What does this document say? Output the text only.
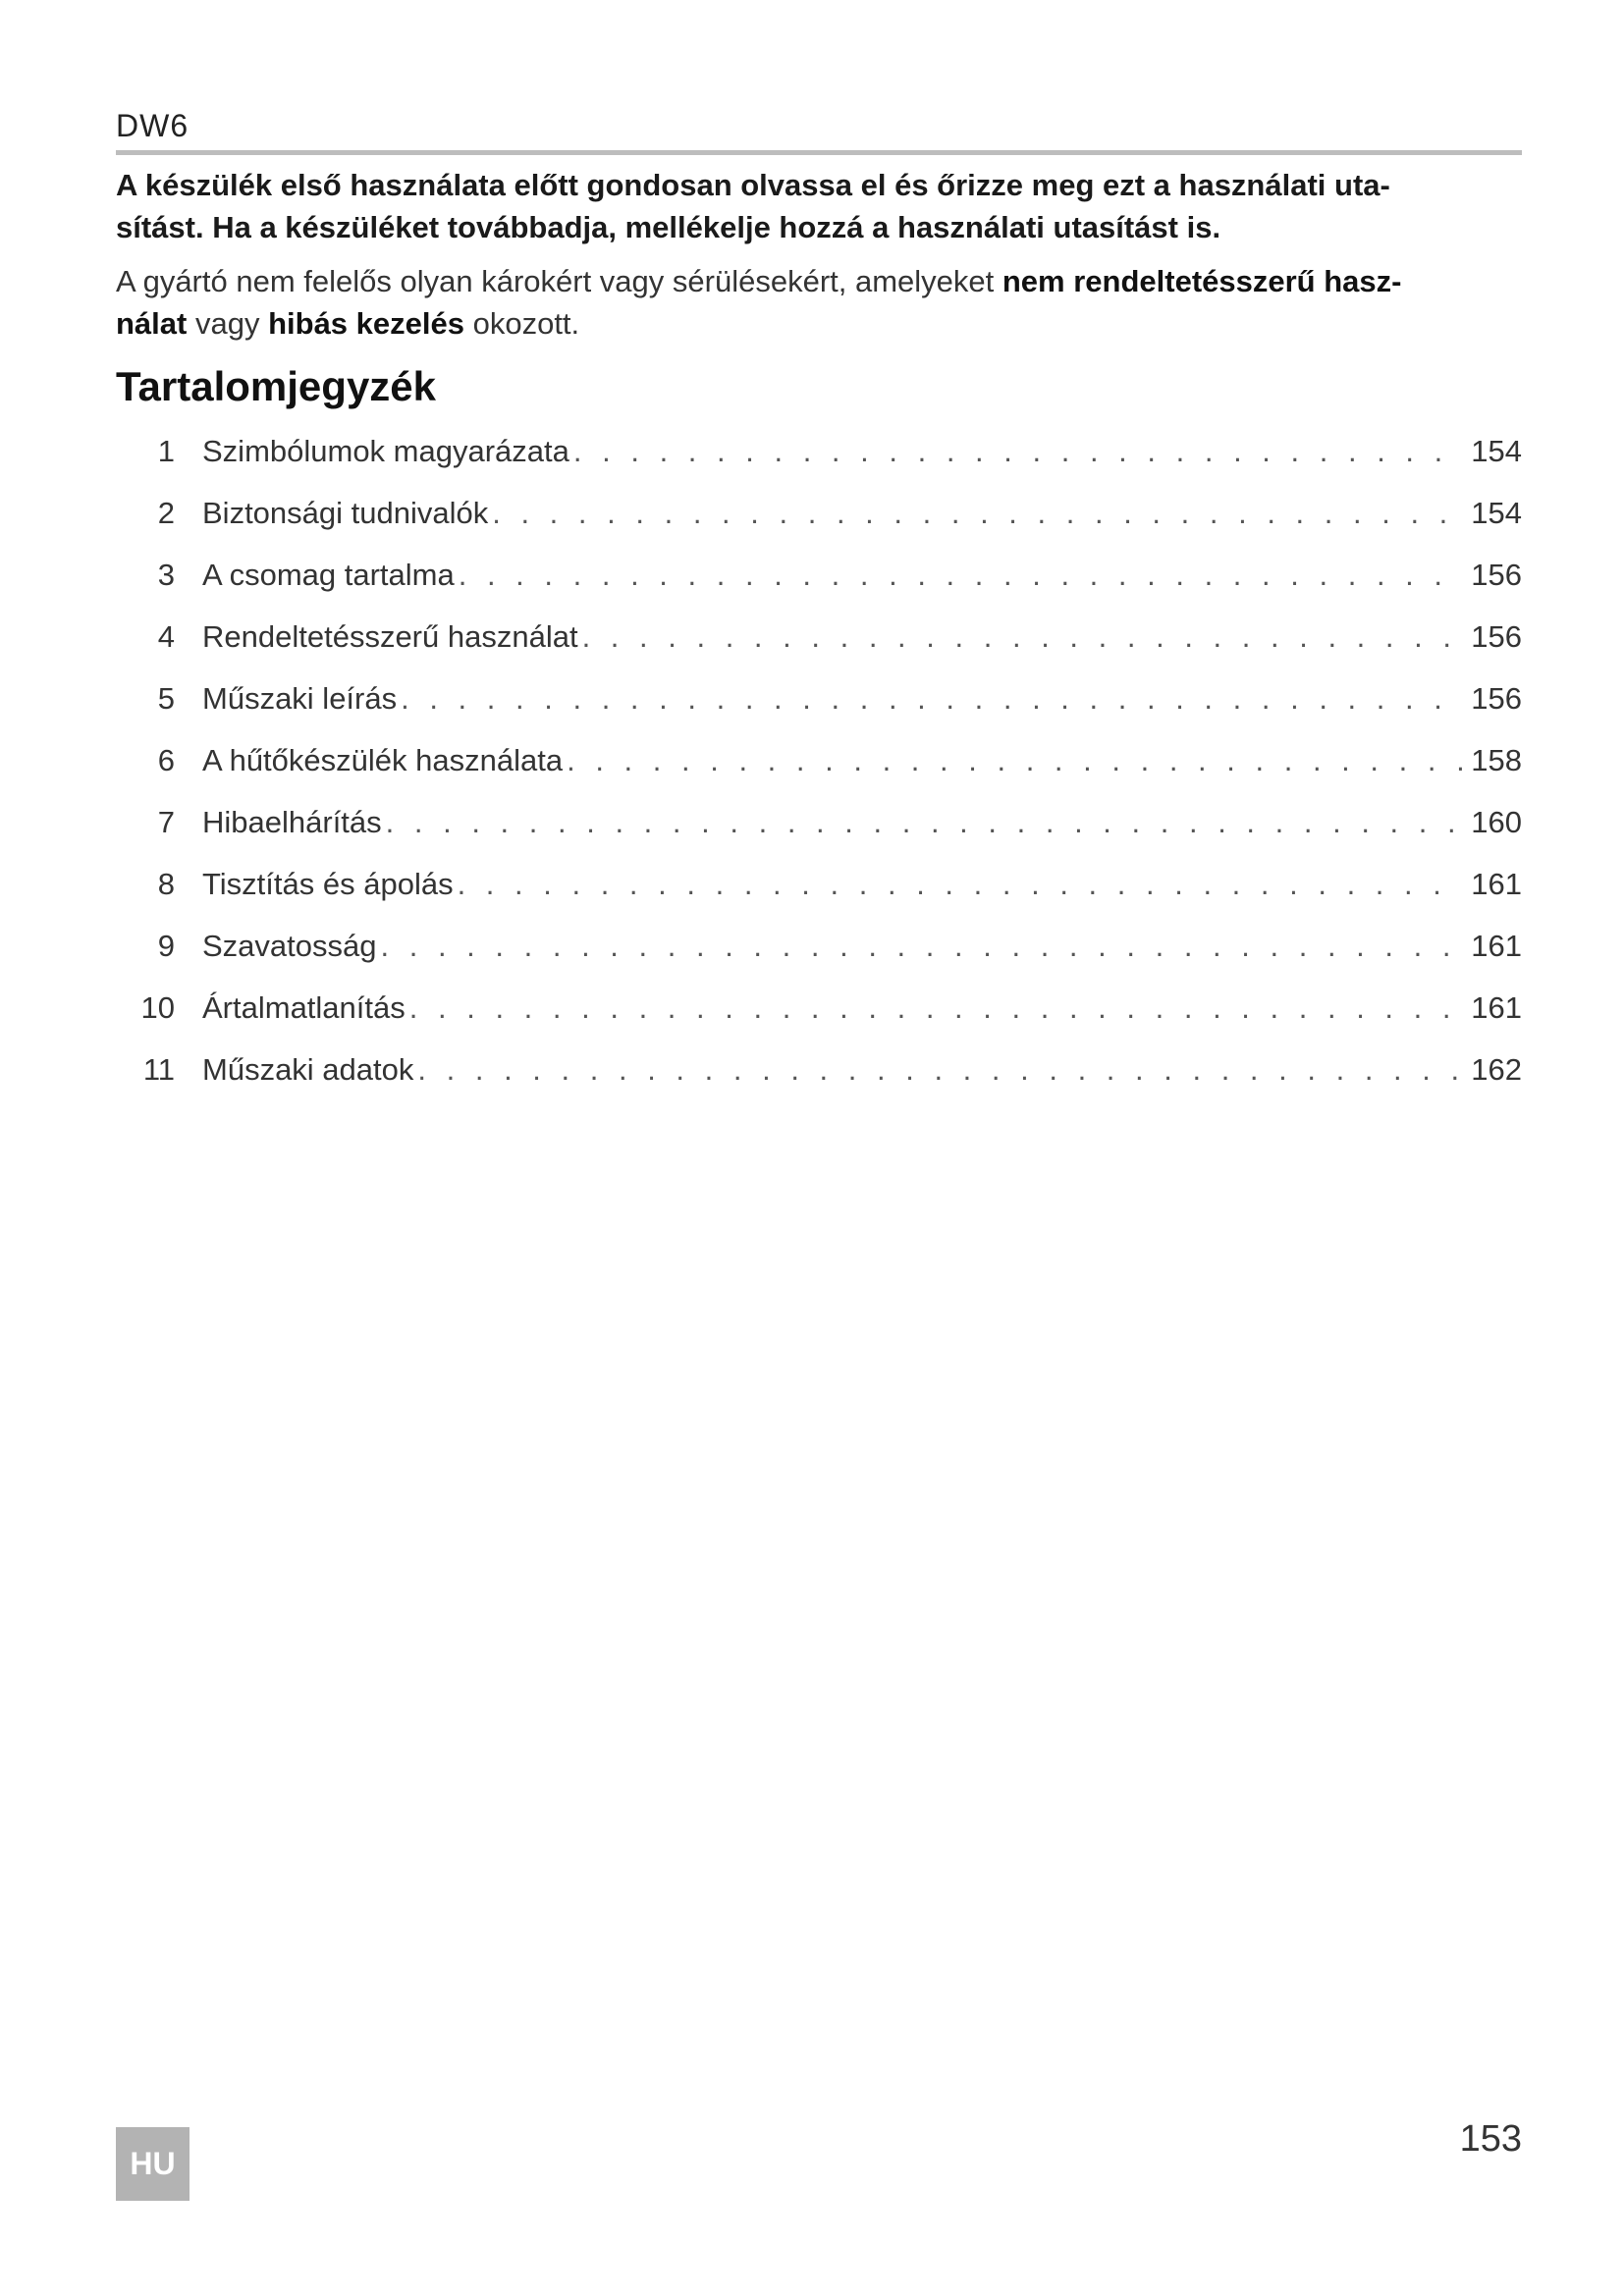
DW6

A készülék első használata előtt gondosan olvassa el és őrizze meg ezt a használati uta-

sítást. Ha a készüléket továbbadja, mellékelje hozzá a használati utasítást is.

A gyártó nem felelős olyan károkért vagy sérülésekért, amelyeket nem rendeltetésszerű hasz-

nálat vagy hibás kezelés okozott.

Tartalomjegyzék
1 Szimbólumok magyarázata . . .	154
2 Biztonsági tudnivalók . . .	154
3 A csomag tartalma . . .	156
4 Rendeltetésszerű használat . . .	156
5 Műszaki leírás . . .	156
6 A hűtőkészülék használata . . .	158
7 Hibaelhárítás . . .	160
8 Tisztítás és ápolás . . .	161
9 Szavatosság . . .	161
10 Ártalmatlanítás . . .	161
11 Műszaki adatok . . .	162
HU
153
